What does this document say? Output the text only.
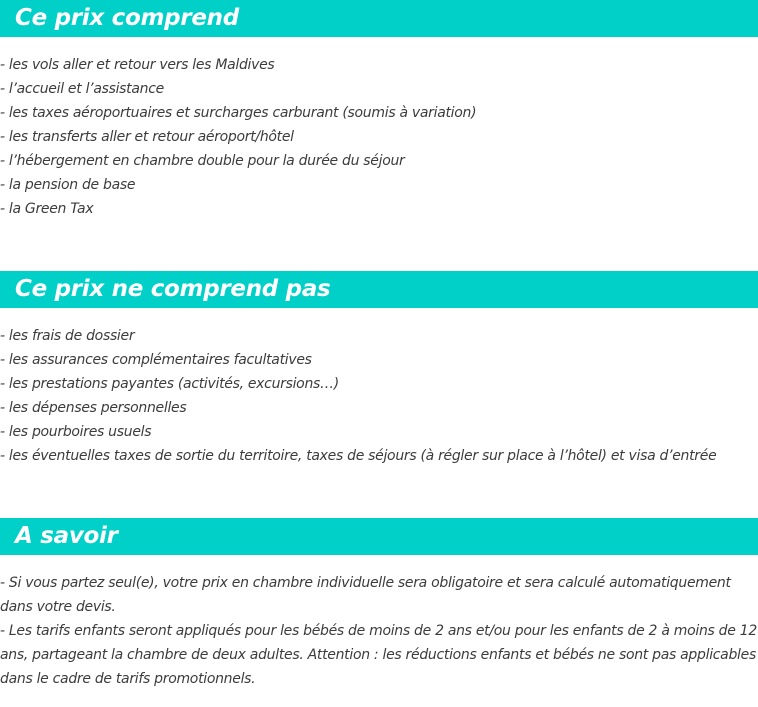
Ce prix comprend
- les vols aller et retour vers les Maldives
- l’accueil et l’assistance
- les taxes aéroportuaires et surcharges carburant (soumis à variation)
- les transferts aller et retour aéroport/hôtel
- l’hébergement en chambre double pour la durée du séjour
- la pension de base
- la Green Tax
Ce prix ne comprend pas
- les frais de dossier
- les assurances complémentaires facultatives
- les prestations payantes (activités, excursions…)
- les dépenses personnelles
- les pourboires usuels
- les éventuelles taxes de sortie du territoire, taxes de séjours (à régler sur place à l’hôtel) et visa d’entrée
A savoir

- Si vous partez seul(e), votre prix en chambre individuelle sera obligatoire et sera calculé automatiquement dans votre devis.

- Les tarifs enfants seront appliqués pour les bébés de moins de 2 ans et/ou pour les enfants de 2 à moins de 12 ans, partageant la chambre de deux adultes. Attention : les réductions enfants et bébés ne sont pas applicables dans le cadre de tarifs promotionnels.
